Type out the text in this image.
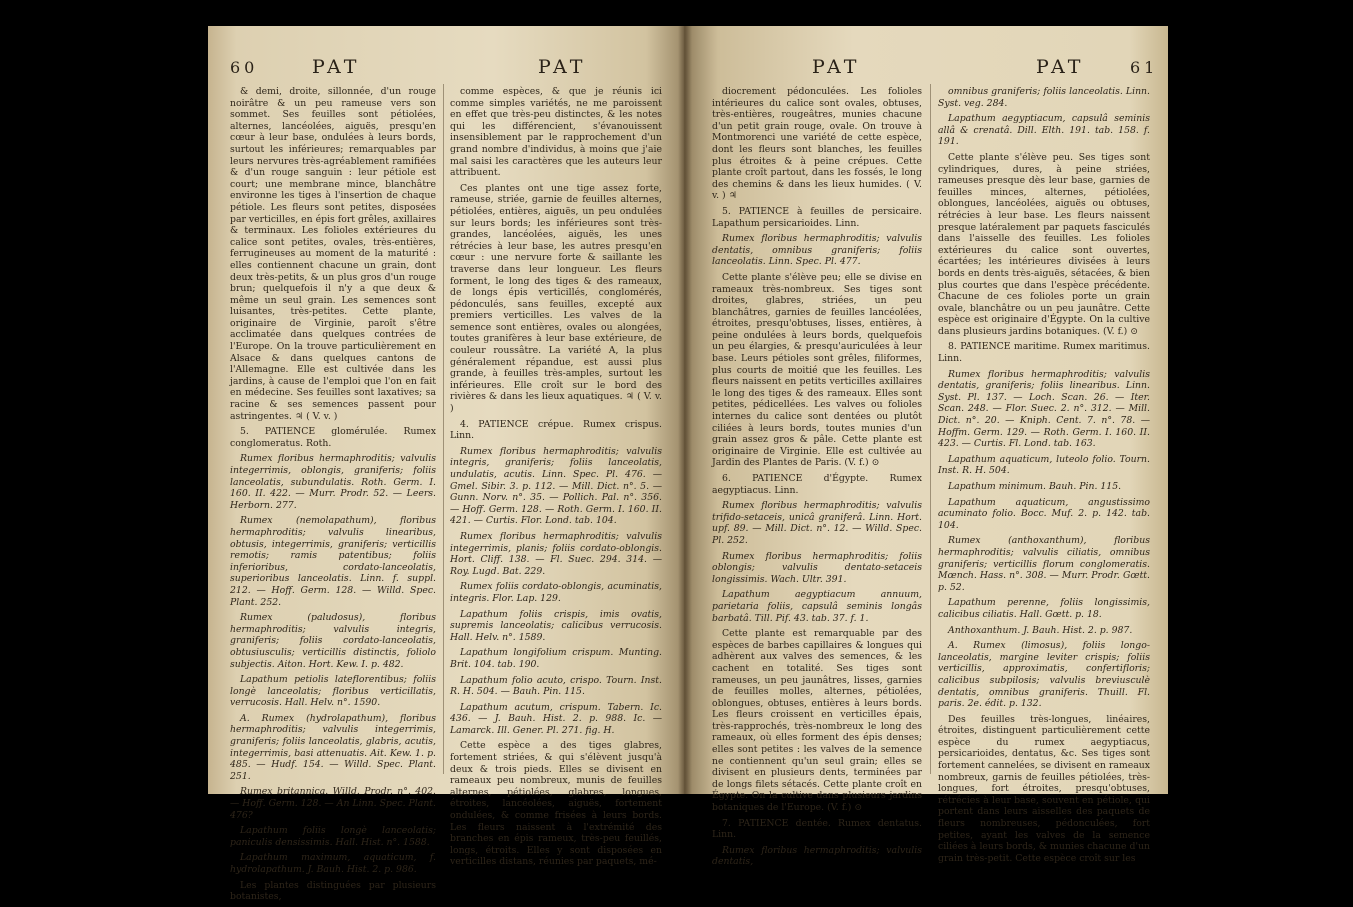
60	PAT	PAT

& demi, droite, sillonnée, d'un rouge noirâtre & un peu rameuse vers son sommet. Ses feuilles sont pétiolées, alternes, lancéolées, aiguës, presqu'en cœur à leur base, ondulées à leurs bords, surtout les inférieures; remarquables par leurs nervures très-agréablement ramifiées & d'un rouge sanguin : leur pétiole est court; une membrane mince, blanchâtre environne les tiges à l'insertion de chaque pétiole. Les fleurs sont petites, disposées par verticilles, en épis fort grêles, axillaires & terminaux. Les folioles extérieures du calice sont petites, ovales, très-entières, ferrugineuses au moment de la maturité : elles contiennent chacune un grain, dont deux très-petits, & un plus gros d'un rouge brun; quelquefois il n'y a que deux & même un seul grain. Les semences sont luisantes, très-petites. Cette plante, originaire de Virginie, paroît s'être acclimatée dans quelques contrées de l'Europe. On la trouve particulièrement en Alsace & dans quelques cantons de l'Allemagne. Elle est cultivée dans les jardins, à cause de l'emploi que l'on en fait en médecine. Ses feuilles sont laxatives; sa racine & ses semences passent pour astringentes. ♃ ( V. v. )

5. PATIENCE glomérulée. Rumex conglomeratus. Roth.

Rumex floribus hermaphroditis; valvulis integerrimis, oblongis, graniferis; foliis lanceolatis, subundulatis. Roth. Germ. I. 160. II. 422. — Murr. Prodr. 52. — Leers. Herborn. 277.

Rumex (nemolapathum), floribus hermaphroditis; valvulis linearibus, obtusis, integerrimis, graniferis; verticillis remotis; ramis patentibus; foliis inferioribus, cordato-lanceolatis, superioribus lanceolatis. Linn. f. suppl. 212. — Hoff. Germ. 128. — Willd. Spec. Plant. 252.

Rumex (paludosus), floribus hermaphroditis; valvulis integris, graniferis; foliis cordato-lanceolatis, obtusiusculis; verticillis distinctis, foliolo subjectis. Aiton. Hort. Kew. I. p. 482.

Lapathum petiolis lateflorentibus; foliis longè lanceolatis; floribus verticillatis, verrucosis. Hall. Helv. n°. 1590.

A. Rumex (hydrolapathum), floribus hermaphroditis; valvulis integerrimis, graniferis; foliis lanceolatis, glabris, acutis, integerrimis, basi attenuatis. Ait. Kew. 1. p. 485. — Hudf. 154. — Willd. Spec. Plant. 251.

Rumex britannica. Willd. Prodr. n°. 402. — Hoff. Germ. 128. — An Linn. Spec. Plant. 476?

Lapathum foliis longè lanceolatis; paniculis densissimis. Hall. Hist. n°. 1588.

Lapathum maximum, aquaticum, f. hydrolapathum. J. Bauh. Hist. 2. p. 986.

Les plantes distinguées par plusieurs botanistes,

comme espèces, & que je réunis ici comme simples variétés, ne me paroissent en effet que très-peu distinctes, & les notes qui les différencient, s'évanouissent insensiblement par le rapprochement d'un grand nombre d'individus, à moins que j'aie mal saisi les caractères que les auteurs leur attribuent.

Ces plantes ont une tige assez forte, rameuse, striée, garnie de feuilles alternes, pétiolées, entières, aiguës, un peu ondulées sur leurs bords; les inférieures sont très-grandes, lancéolées, aiguës, les unes rétrécies à leur base, les autres presqu'en cœur : une nervure forte & saillante les traverse dans leur longueur. Les fleurs forment, le long des tiges & des rameaux, de longs épis verticillés, conglomérés, pédonculés, sans feuilles, excepté aux premiers verticilles. Les valves de la semence sont entières, ovales ou alongées, toutes granifères à leur base extérieure, de couleur roussâtre. La variété A, la plus généralement répandue, est aussi plus grande, à feuilles très-amples, surtout les inférieures. Elle croît sur le bord des rivières & dans les lieux aquatiques. ♃ ( V. v. )

4. PATIENCE crépue. Rumex crispus. Linn.

Rumex floribus hermaphroditis; valvulis integris, graniferis; foliis lanceolatis, undulatis, acutis. Linn. Spec. Pl. 476. — Gmel. Sibir. 3. p. 112. — Mill. Dict. n°. 5. — Gunn. Norv. n°. 35. — Pollich. Pal. n°. 356. — Hoff. Germ. 128. — Roth. Germ. I. 160. II. 421. — Curtis. Flor. Lond. tab. 104.

Rumex floribus hermaphroditis; valvulis integerrimis, planis; foliis cordato-oblongis. Hort. Cliff. 138. — Fl. Suec. 294. 314. — Roy. Lugd. Bat. 229.

Rumex foliis cordato-oblongis, acuminatis, integris. Flor. Lap. 129.

Lapathum foliis crispis, imis ovatis, supremis lanceolatis; calicibus verrucosis. Hall. Helv. n°. 1589.

Lapathum longifolium crispum. Munting. Brit. 104. tab. 190.

Lapathum folio acuto, crispo. Tourn. Inst. R. H. 504. — Bauh. Pin. 115.

Lapathum acutum, crispum. Tabern. Ic. 436. — J. Bauh. Hist. 2. p. 988. Ic. — Lamarck. Ill. Gener. Pl. 271. fig. H.

Cette espèce a des tiges glabres, fortement striées, & qui s'élèvent jusqu'à deux & trois pieds. Elles se divisent en rameaux peu nombreux, munis de feuilles alternes, pétiolées, glabres, longues, étroites, lancéolées, aiguës, fortement ondulées, & comme frisées à leurs bords. Les fleurs naissent à l'extrémité des branches en épis rameux, très-peu feuillés, longs, étroits. Elles y sont disposées en verticilles distans, réunies par paquets, mé-

PAT	PAT	61

diocrement pédonculées. Les folioles intérieures du calice sont ovales, obtuses, très-entières, rougeâtres, munies chacune d'un petit grain rouge, ovale. On trouve à Montmorenci une variété de cette espèce, dont les fleurs sont blanches, les feuilles plus étroites & à peine crépues. Cette plante croît partout, dans les fossés, le long des chemins & dans les lieux humides. ( V. v. ) ♃

5. PATIENCE à feuilles de persicaire. Lapathum persicarioides. Linn.

Rumex floribus hermaphroditis; valvulis dentatis, omnibus graniferis; foliis lanceolatis. Linn. Spec. Pl. 477.

Cette plante s'élève peu; elle se divise en rameaux très-nombreux. Ses tiges sont droites, glabres, striées, un peu blanchâtres, garnies de feuilles lancéolées, étroites, presqu'obtuses, lisses, entières, à peine ondulées à leurs bords, quelquefois un peu élargies, & presqu'auriculées à leur base. Leurs pétioles sont grêles, filiformes, plus courts de moitié que les feuilles. Les fleurs naissent en petits verticilles axillaires le long des tiges & des rameaux. Elles sont petites, pédicellées. Les valves ou folioles internes du calice sont dentées ou plutôt ciliées à leurs bords, toutes munies d'un grain assez gros & pâle. Cette plante est originaire de Virginie. Elle est cultivée au Jardin des Plantes de Paris. (V. f.) ⊙

6. PATIENCE d'Égypte. Rumex aegyptiacus. Linn.

Rumex floribus hermaphroditis; valvulis trifido-setaceis, unicâ graniferâ. Linn. Hort. upf. 89. — Mill. Dict. n°. 12. — Willd. Spec. Pl. 252.

Rumex floribus hermaphroditis; foliis oblongis; valvulis dentato-setaceis longissimis. Wach. Ultr. 391.

Lapathum aegyptiacum annuum, parietaria foliis, capsulâ seminis longâs barbatâ. Till. Pif. 43. tab. 37. f. 1.

Cette plante est remarquable par des espèces de barbes capillaires & longues qui adhèrent aux valves des semences, & les cachent en totalité. Ses tiges sont rameuses, un peu jaunâtres, lisses, garnies de feuilles molles, alternes, pétiolées, oblongues, obtuses, entières à leurs bords. Les fleurs croissent en verticilles épais, très-rapprochés, très-nombreux le long des rameaux, où elles forment des épis denses; elles sont petites : les valves de la semence ne contiennent qu'un seul grain; elles se divisent en plusieurs dents, terminées par de longs filets sétacés. Cette plante croît en Égypte. On la cultive dans plusieurs jardins botaniques de l'Europe. (V. f.) ⊙

7. PATIENCE dentée. Rumex dentatus. Linn.

Rumex floribus hermaphroditis; valvulis dentatis,

omnibus graniferis; foliis lanceolatis. Linn. Syst. veg. 284.

Lapathum aegyptiacum, capsulâ seminis allâ & crenatâ. Dill. Elth. 191. tab. 158. f. 191.

Cette plante s'élève peu. Ses tiges sont cylindriques, dures, à peine striées, rameuses presque dès leur base, garnies de feuilles minces, alternes, pétiolées, oblongues, lancéolées, aiguës ou obtuses, rétrécies à leur base. Les fleurs naissent presque latéralement par paquets fasciculés dans l'aisselle des feuilles. Les folioles extérieures du calice sont ouvertes, écartées; les intérieures divisées à leurs bords en dents très-aiguës, sétacées, & bien plus courtes que dans l'espèce précédente. Chacune de ces folioles porte un grain ovale, blanchâtre ou un peu jaunâtre. Cette espèce est originaire d'Égypte. On la cultive dans plusieurs jardins botaniques. (V. f.) ⊙

8. PATIENCE maritime. Rumex maritimus. Linn.

Rumex floribus hermaphroditis; valvulis dentatis, graniferis; foliis linearibus. Linn. Syst. Pl. 137. — Loch. Scan. 26. — Iter. Scan. 248. — Flor. Suec. 2. n°. 312. — Mill. Dict. n°. 20. — Kniph. Cent. 7. n°. 78. — Hoffm. Germ. 129. — Roth. Germ. I. 160. II. 423. — Curtis. Fl. Lond. tab. 163.

Lapathum aquaticum, luteolo folio. Tourn. Inst. R. H. 504.

Lapathum minimum. Bauh. Pin. 115.

Lapathum aquaticum, angustissimo acuminato folio. Bocc. Muf. 2. p. 142. tab. 104.

Rumex (anthoxanthum), floribus hermaphroditis; valvulis ciliatis, omnibus graniferis; verticillis florum conglomeratis. Mœnch. Hass. n°. 308. — Murr. Prodr. Gœtt. p. 52.

Lapathum perenne, foliis longissimis, calicibus ciliatis. Hall. Gœtt. p. 18.

Anthoxanthum. J. Bauh. Hist. 2. p. 987.

A. Rumex (limosus), foliis longo-lanceolatis, margine leviter crispis; foliis verticillis, approximatis, confertifloris; calicibus subpilosis; valvulis breviusculè dentatis, omnibus graniferis. Thuill. Fl. paris. 2e. édit. p. 132.

Des feuilles très-longues, linéaires, étroites, distinguent particulièrement cette espèce du rumex aegyptiacus, persicarioides, dentatus, &c. Ses tiges sont fortement cannelées, se divisent en rameaux nombreux, garnis de feuilles pétiolées, très-longues, fort étroites, presqu'obtuses, rétrécies à leur base, souvent en pétiole, qui portent dans leurs aisselles des paquets de fleurs nombreuses, pédonculées, fort petites, ayant les valves de la semence ciliées à leurs bords, & munies chacune d'un grain très-petit. Cette espèce croît sur les
